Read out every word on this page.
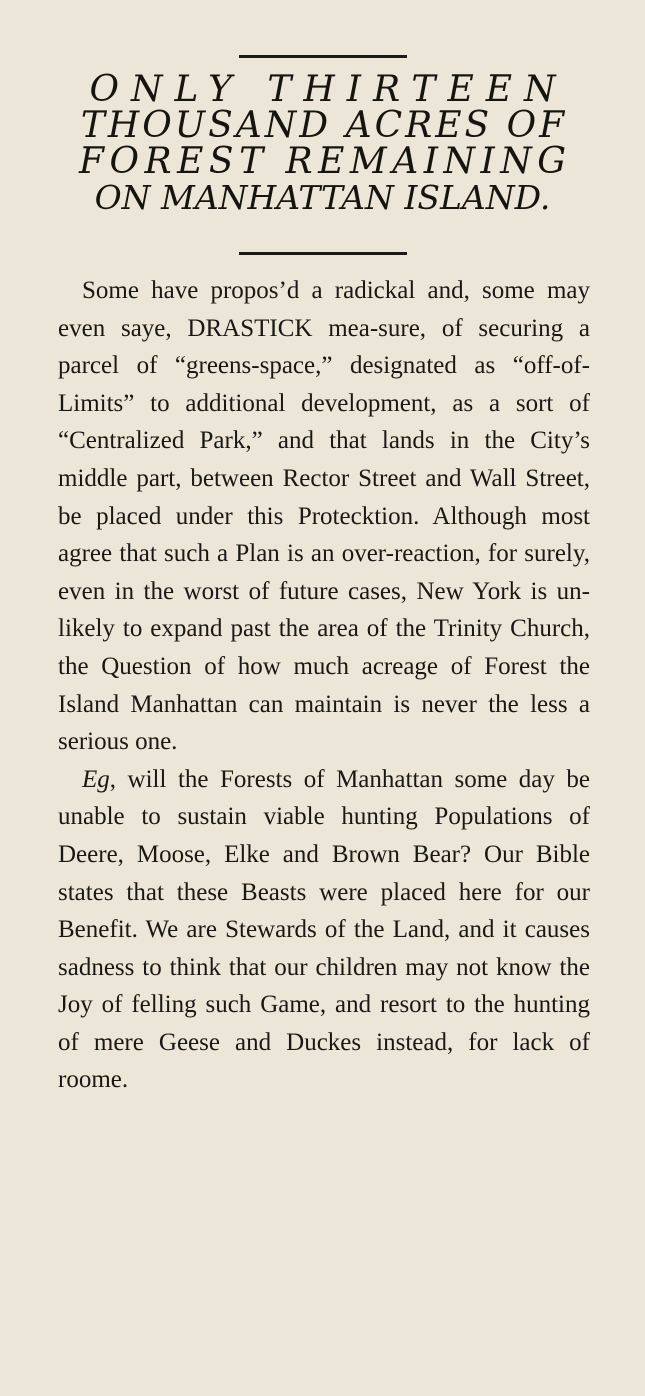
ONLY THIRTEEN
THOUSAND ACRES OF
FOREST REMAINING
ON MANHATTAN ISLAND.

Some have propos’d a radickal and, some may even saye, DRASTICK mea-sure, of securing a parcel of “greens-space,” designated as “off-of-Limits” to additional development, as a sort of “Centralized Park,” and that lands in the City’s middle part, between Rector Street and Wall Street, be placed under this Protecktion. Although most agree that such a Plan is an over-reaction, for surely, even in the worst of future cases, New York is un-likely to expand past the area of the Trinity Church, the Question of how much acreage of Forest the Island Manhattan can maintain is never the less a serious one.

Eg, will the Forests of Manhattan some day be unable to sustain viable hunting Populations of Deere, Moose, Elke and Brown Bear? Our Bible states that these Beasts were placed here for our Benefit. We are Stewards of the Land, and it causes sadness to think that our children may not know the Joy of felling such Game, and resort to the hunting of mere Geese and Duckes instead, for lack of roome.
